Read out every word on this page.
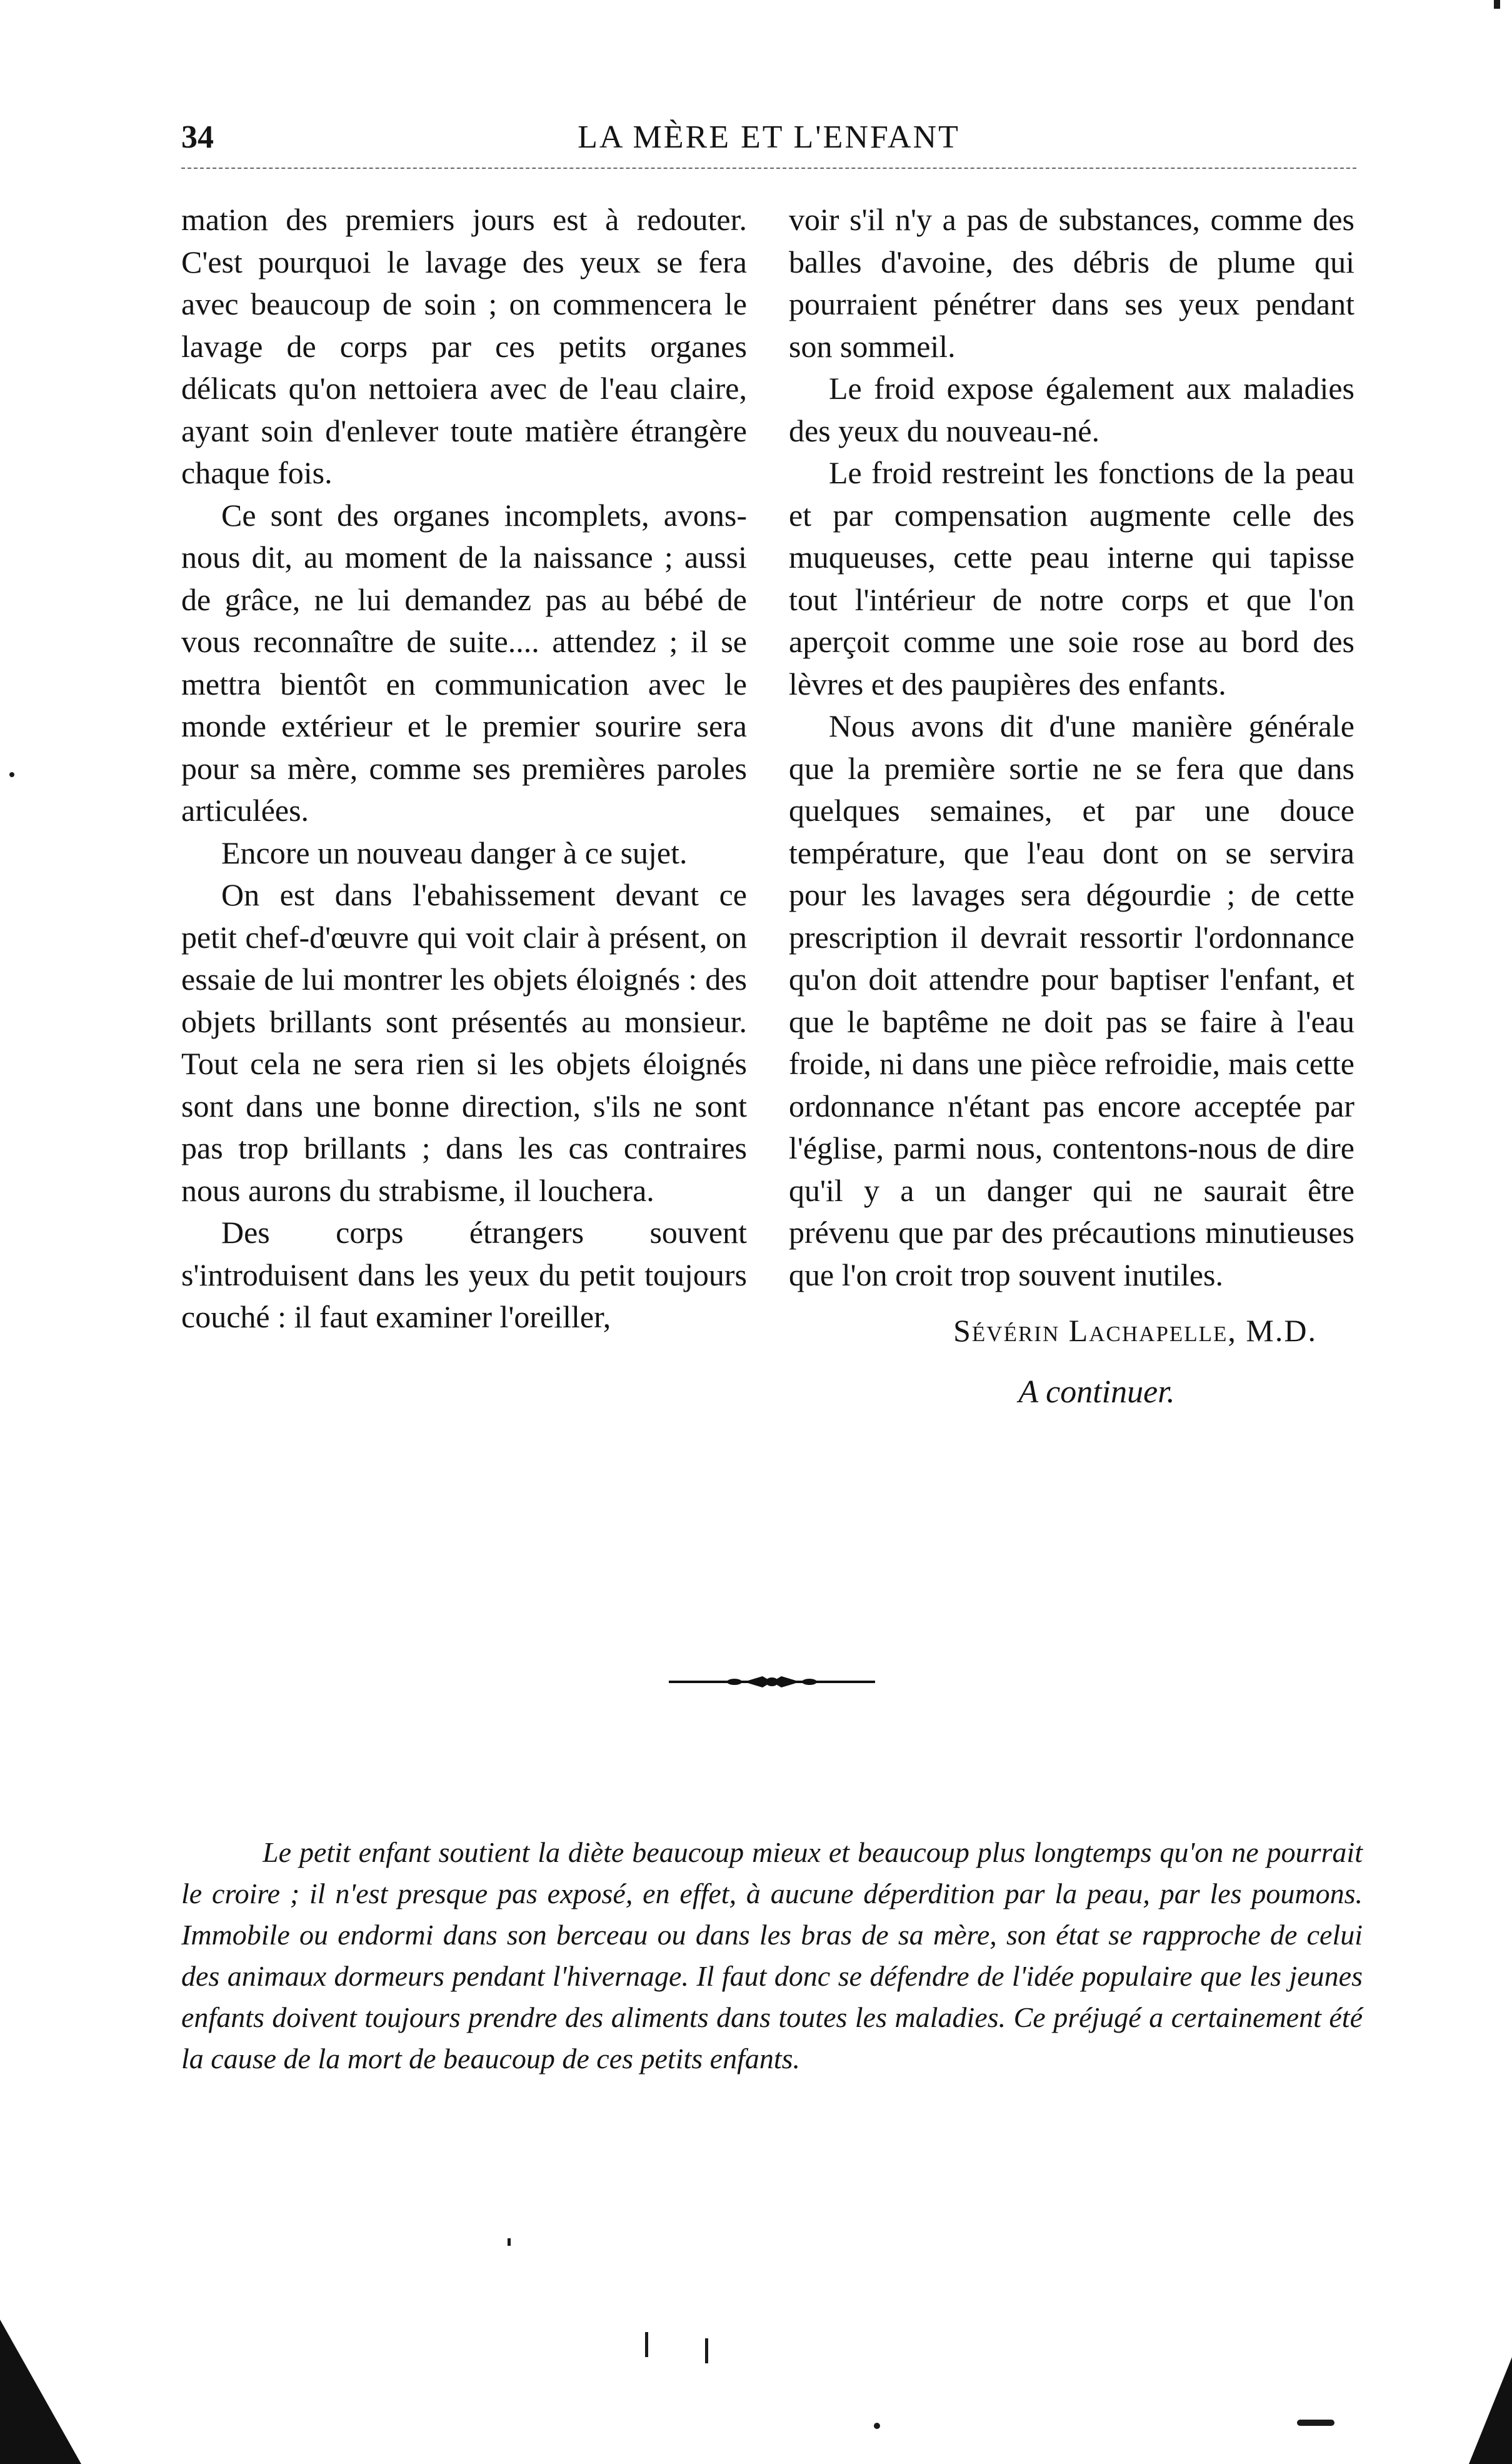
34	LA MÈRE ET L'ENFANT

mation des premiers jours est à redouter. C'est pourquoi le lavage des yeux se fera avec beaucoup de soin ; on commencera le lavage de corps par ces petits organes délicats qu'on nettoiera avec de l'eau claire, ayant soin d'enlever toute matière étrangère chaque fois.

Ce sont des organes incomplets, avons-nous dit, au moment de la naissance ; aussi de grâce, ne lui demandez pas au bébé de vous reconnaître de suite.... attendez ; il se mettra bientôt en communication avec le monde extérieur et le premier sourire sera pour sa mère, comme ses premières paroles articulées.

Encore un nouveau danger à ce sujet.

On est dans l'ebahissement devant ce petit chef-d'œuvre qui voit clair à présent, on essaie de lui montrer les objets éloignés : des objets brillants sont présentés au monsieur. Tout cela ne sera rien si les objets éloignés sont dans une bonne direction, s'ils ne sont pas trop brillants ; dans les cas contraires nous aurons du strabisme, il louchera.

Des corps étrangers souvent s'introduisent dans les yeux du petit toujours couché : il faut examiner l'oreiller,

voir s'il n'y a pas de substances, comme des balles d'avoine, des débris de plume qui pourraient pénétrer dans ses yeux pendant son sommeil.

Le froid expose également aux maladies des yeux du nouveau-né.

Le froid restreint les fonctions de la peau et par compensation augmente celle des muqueuses, cette peau interne qui tapisse tout l'intérieur de notre corps et que l'on aperçoit comme une soie rose au bord des lèvres et des paupières des enfants.

Nous avons dit d'une manière générale que la première sortie ne se fera que dans quelques semaines, et par une douce température, que l'eau dont on se servira pour les lavages sera dégourdie ; de cette prescription il devrait ressortir l'ordonnance qu'on doit attendre pour baptiser l'enfant, et que le baptême ne doit pas se faire à l'eau froide, ni dans une pièce refroidie, mais cette ordonnance n'étant pas encore acceptée par l'église, parmi nous, contentons-nous de dire qu'il y a un danger qui ne saurait être prévenu que par des précautions minutieuses que l'on croit trop souvent inutiles.

Sévérin Lachapelle, M.D.
A continuer.

Le petit enfant soutient la diète beaucoup mieux et beaucoup plus longtemps qu'on ne pourrait le croire ; il n'est presque pas exposé, en effet, à aucune déperdition par la peau, par les poumons. Immobile ou endormi dans son berceau ou dans les bras de sa mère, son état se rapproche de celui des animaux dormeurs pendant l'hivernage. Il faut donc se défendre de l'idée populaire que les jeunes enfants doivent toujours prendre des aliments dans toutes les maladies. Ce préjugé a certainement été la cause de la mort de beaucoup de ces petits enfants.
